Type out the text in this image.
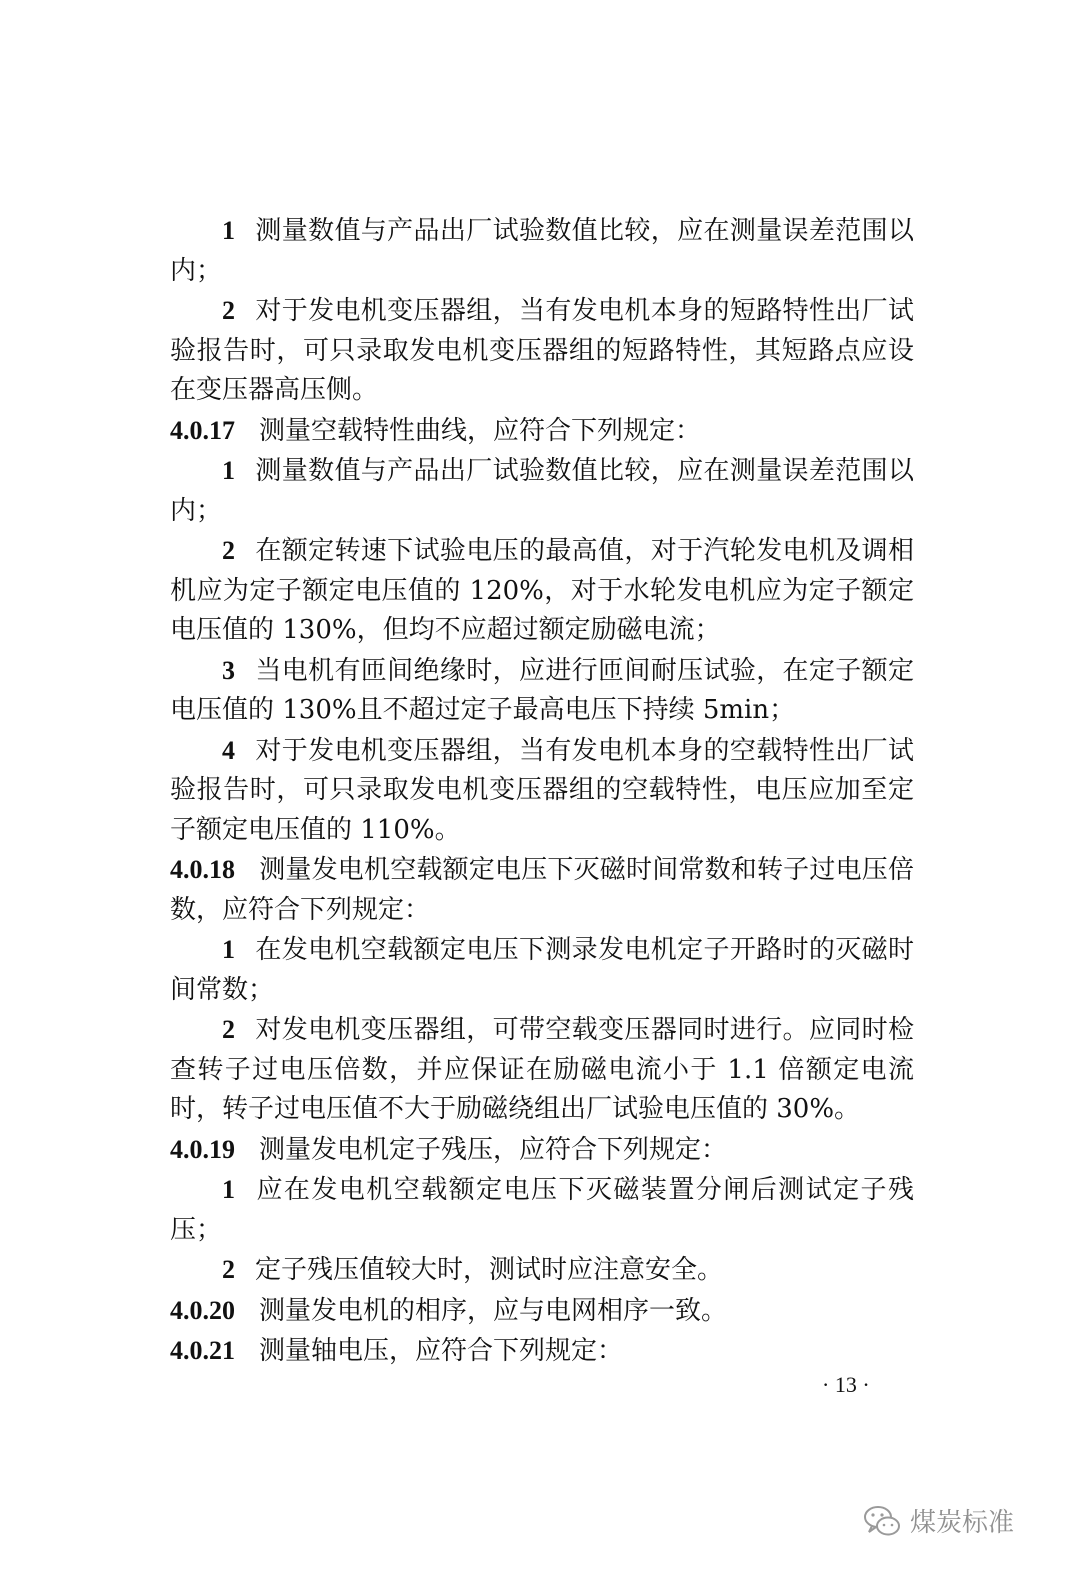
1 测量数值与产品出厂试验数值比较，应在测量误差范围以内；

2 对于发电机变压器组，当有发电机本身的短路特性出厂试验报告时，可只录取发电机变压器组的短路特性，其短路点应设在变压器高压侧。

4.0.17 测量空载特性曲线，应符合下列规定：

1 测量数值与产品出厂试验数值比较，应在测量误差范围以内；

2 在额定转速下试验电压的最高值，对于汽轮发电机及调相机应为定子额定电压值的 120%，对于水轮发电机应为定子额定电压值的 130%，但均不应超过额定励磁电流；

3 当电机有匝间绝缘时，应进行匝间耐压试验，在定子额定电压值的 130%且不超过定子最高电压下持续 5min；

4 对于发电机变压器组，当有发电机本身的空载特性出厂试验报告时，可只录取发电机变压器组的空载特性，电压应加至定子额定电压值的 110%。

4.0.18 测量发电机空载额定电压下灭磁时间常数和转子过电压倍数，应符合下列规定：

1 在发电机空载额定电压下测录发电机定子开路时的灭磁时间常数；

2 对发电机变压器组，可带空载变压器同时进行。应同时检查转子过电压倍数，并应保证在励磁电流小于 1.1 倍额定电流时，转子过电压值不大于励磁绕组出厂试验电压值的 30%。

4.0.19 测量发电机定子残压，应符合下列规定：

1 应在发电机空载额定电压下灭磁装置分闸后测试定子残压；

2 定子残压值较大时，测试时应注意安全。

4.0.20 测量发电机的相序，应与电网相序一致。

4.0.21 测量轴电压，应符合下列规定：

· 13 ·
煤炭标准
